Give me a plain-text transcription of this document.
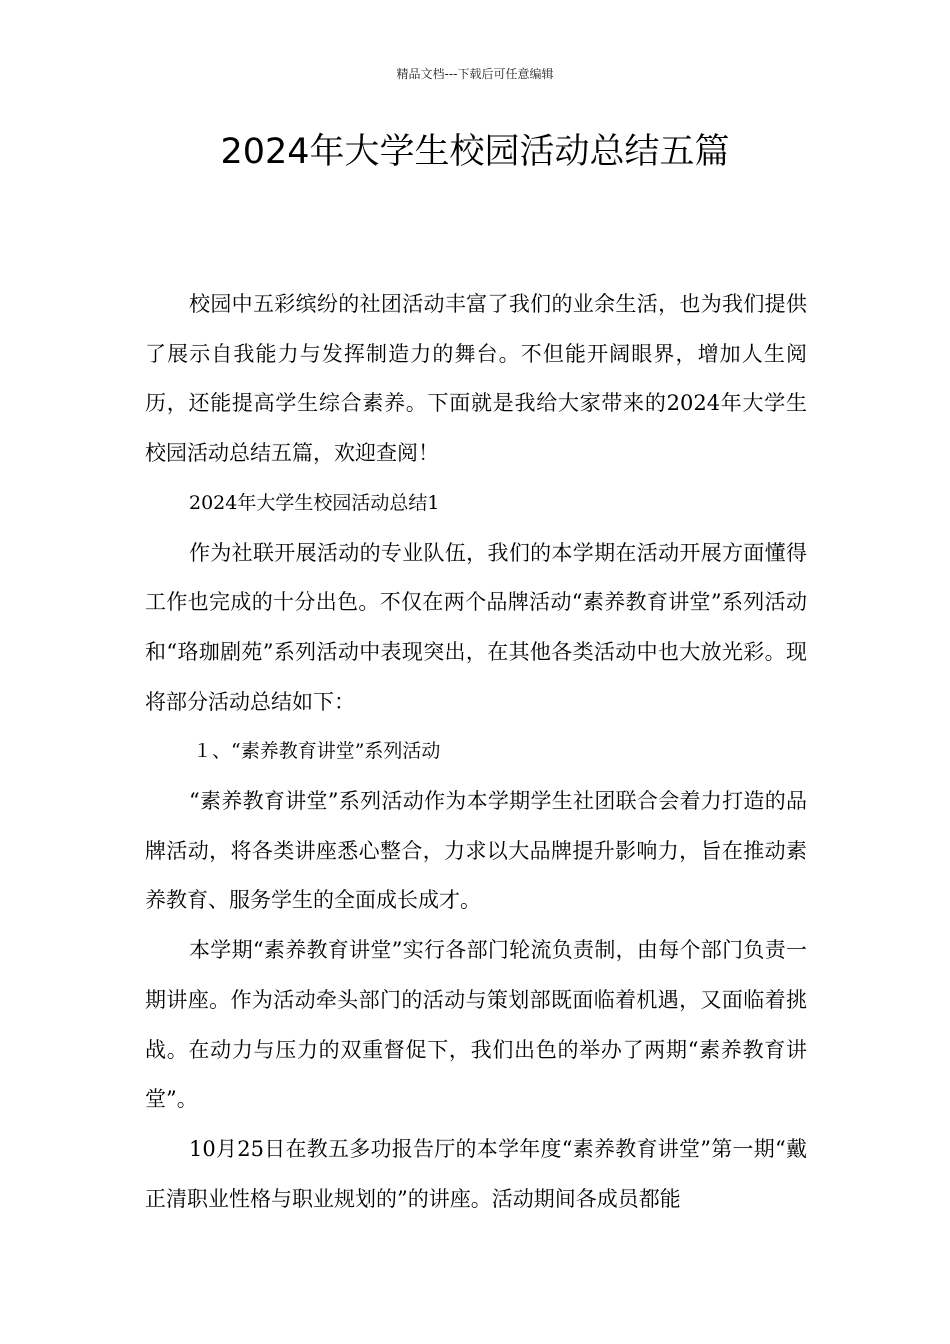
精品文档---下载后可任意编辑
2024年大学生校园活动总结五篇

校园中五彩缤纷的社团活动丰富了我们的业余生活，也为我们提供了展示自我能力与发挥制造力的舞台。不但能开阔眼界，增加人生阅历，还能提高学生综合素养。下面就是我给大家带来的2024年大学生校园活动总结五篇，欢迎查阅！

2024年大学生校园活动总结1

作为社联开展活动的专业队伍，我们的本学期在活动开展方面懂得工作也完成的十分出色。不仅在两个品牌活动“素养教育讲堂”系列活动和“珞珈剧苑”系列活动中表现突出，在其他各类活动中也大放光彩。现将部分活动总结如下：

１、“素养教育讲堂”系列活动

“素养教育讲堂”系列活动作为本学期学生社团联合会着力打造的品牌活动，将各类讲座悉心整合，力求以大品牌提升影响力，旨在推动素养教育、服务学生的全面成长成才。

本学期“素养教育讲堂”实行各部门轮流负责制，由每个部门负责一期讲座。作为活动牵头部门的活动与策划部既面临着机遇，又面临着挑战。在动力与压力的双重督促下，我们出色的举办了两期“素养教育讲堂”。

10月25日在教五多功报告厅的本学年度“素养教育讲堂”第一期“戴正清职业性格与职业规划的”的讲座。活动期间各成员都能
